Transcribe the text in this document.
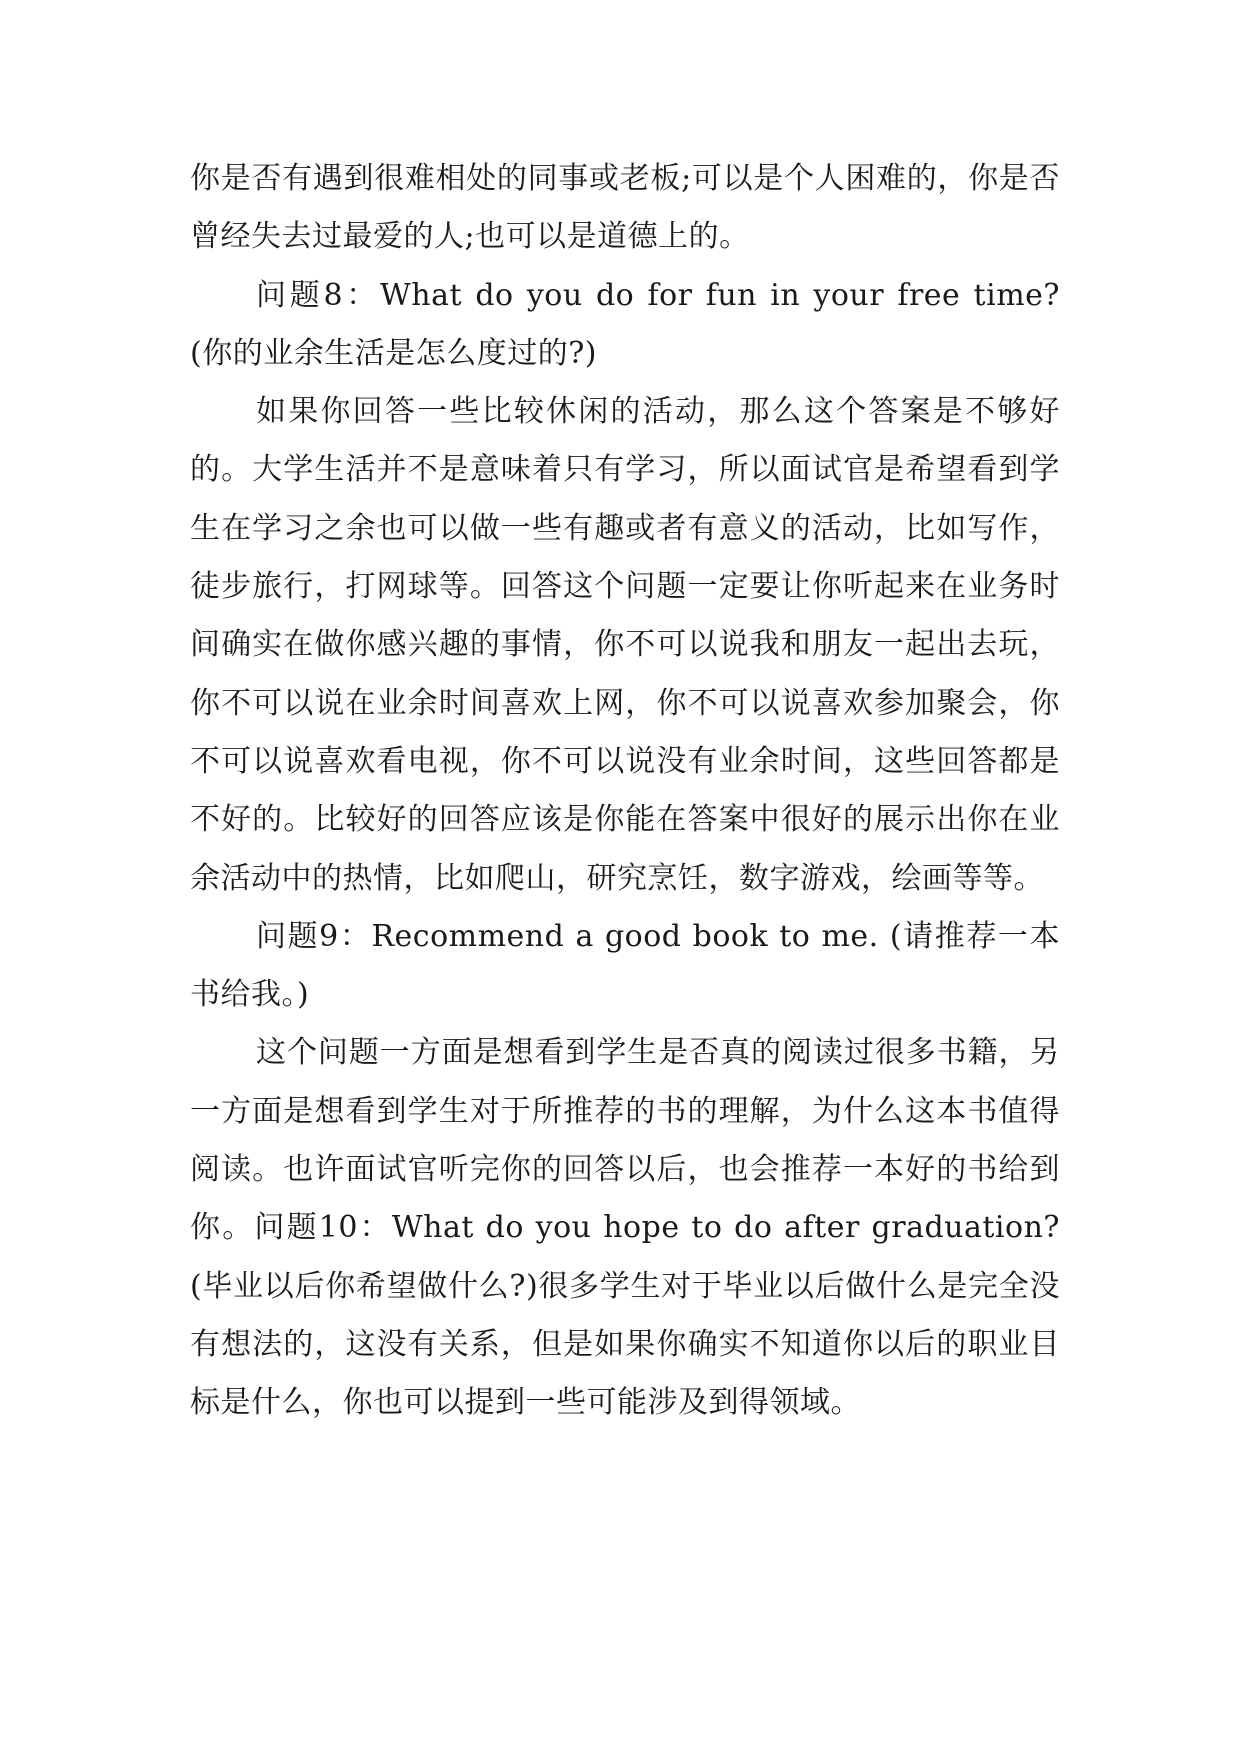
你是否有遇到很难相处的同事或老板;可以是个人困难的，你是否曾经失去过最爱的人;也可以是道德上的。

问题8：What do you do for fun in your free time?(你的业余生活是怎么度过的?)

如果你回答一些比较休闲的活动，那么这个答案是不够好的。大学生活并不是意味着只有学习，所以面试官是希望看到学生在学习之余也可以做一些有趣或者有意义的活动，比如写作，徒步旅行，打网球等。回答这个问题一定要让你听起来在业务时间确实在做你感兴趣的事情，你不可以说我和朋友一起出去玩，你不可以说在业余时间喜欢上网，你不可以说喜欢参加聚会，你不可以说喜欢看电视，你不可以说没有业余时间，这些回答都是不好的。比较好的回答应该是你能在答案中很好的展示出你在业余活动中的热情，比如爬山，研究烹饪，数字游戏，绘画等等。

问题9：Recommend a good book to me. (请推荐一本书给我。)

这个问题一方面是想看到学生是否真的阅读过很多书籍，另一方面是想看到学生对于所推荐的书的理解，为什么这本书值得阅读。也许面试官听完你的回答以后，也会推荐一本好的书给到你。问题10：What do you hope to do after graduation? (毕业以后你希望做什么?)很多学生对于毕业以后做什么是完全没有想法的，这没有关系，但是如果你确实不知道你以后的职业目标是什么，你也可以提到一些可能涉及到得领域。
